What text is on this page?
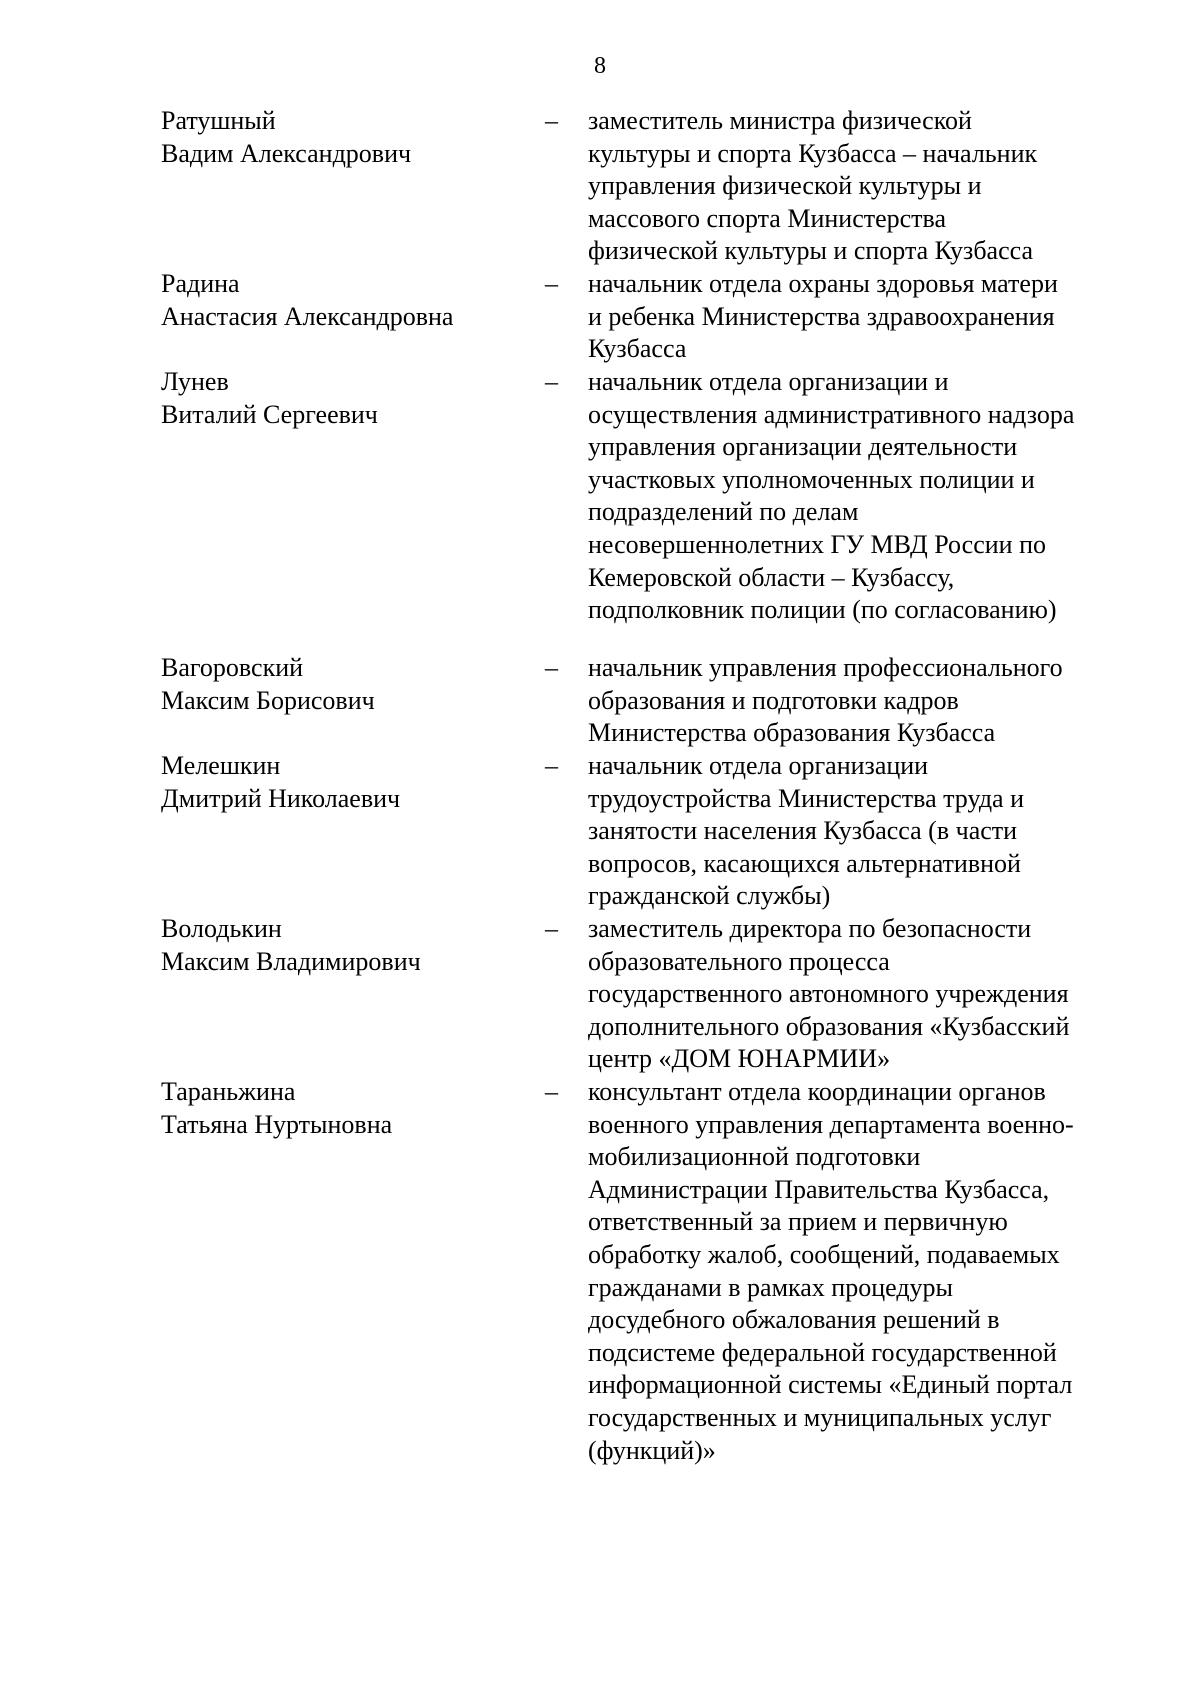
8
Ратушный
Вадим Александрович
–	заместитель министра физической
культуры и спорта Кузбасса – начальник
управления физической культуры и
массового спорта Министерства
физической культуры и спорта Кузбасса
Радина
Анастасия Александровна
–	начальник отдела охраны здоровья матери
и ребенка Министерства здравоохранения
Кузбасса
Лунев
Виталий Сергеевич
–	начальник отдела организации и
осуществления административного надзора
управления организации деятельности
участковых уполномоченных полиции и
подразделений по делам
несовершеннолетних ГУ МВД России по
Кемеровской области – Кузбассу,
подполковник полиции (по согласованию)
Вагоровский
Максим Борисович
–	начальник управления профессионального
образования и подготовки кадров
Министерства образования Кузбасса
Мелешкин
Дмитрий Николаевич
–	начальник отдела организации
трудоустройства Министерства труда и
занятости населения Кузбасса (в части
вопросов, касающихся альтернативной
гражданской службы)
Володькин
Максим Владимирович
–	заместитель директора по безопасности
образовательного процесса
государственного автономного учреждения
дополнительного образования «Кузбасский
центр «ДОМ ЮНАРМИИ»
Тараньжина
Татьяна Нуртыновна
–	консультант отдела координации органов
военного управления департамента военно-
мобилизационной подготовки
Администрации Правительства Кузбасса,
ответственный за прием и первичную
обработку жалоб, сообщений, подаваемых
гражданами в рамках процедуры
досудебного обжалования решений в
подсистеме федеральной государственной
информационной системы «Единый портал
государственных и муниципальных услуг
(функций)»
